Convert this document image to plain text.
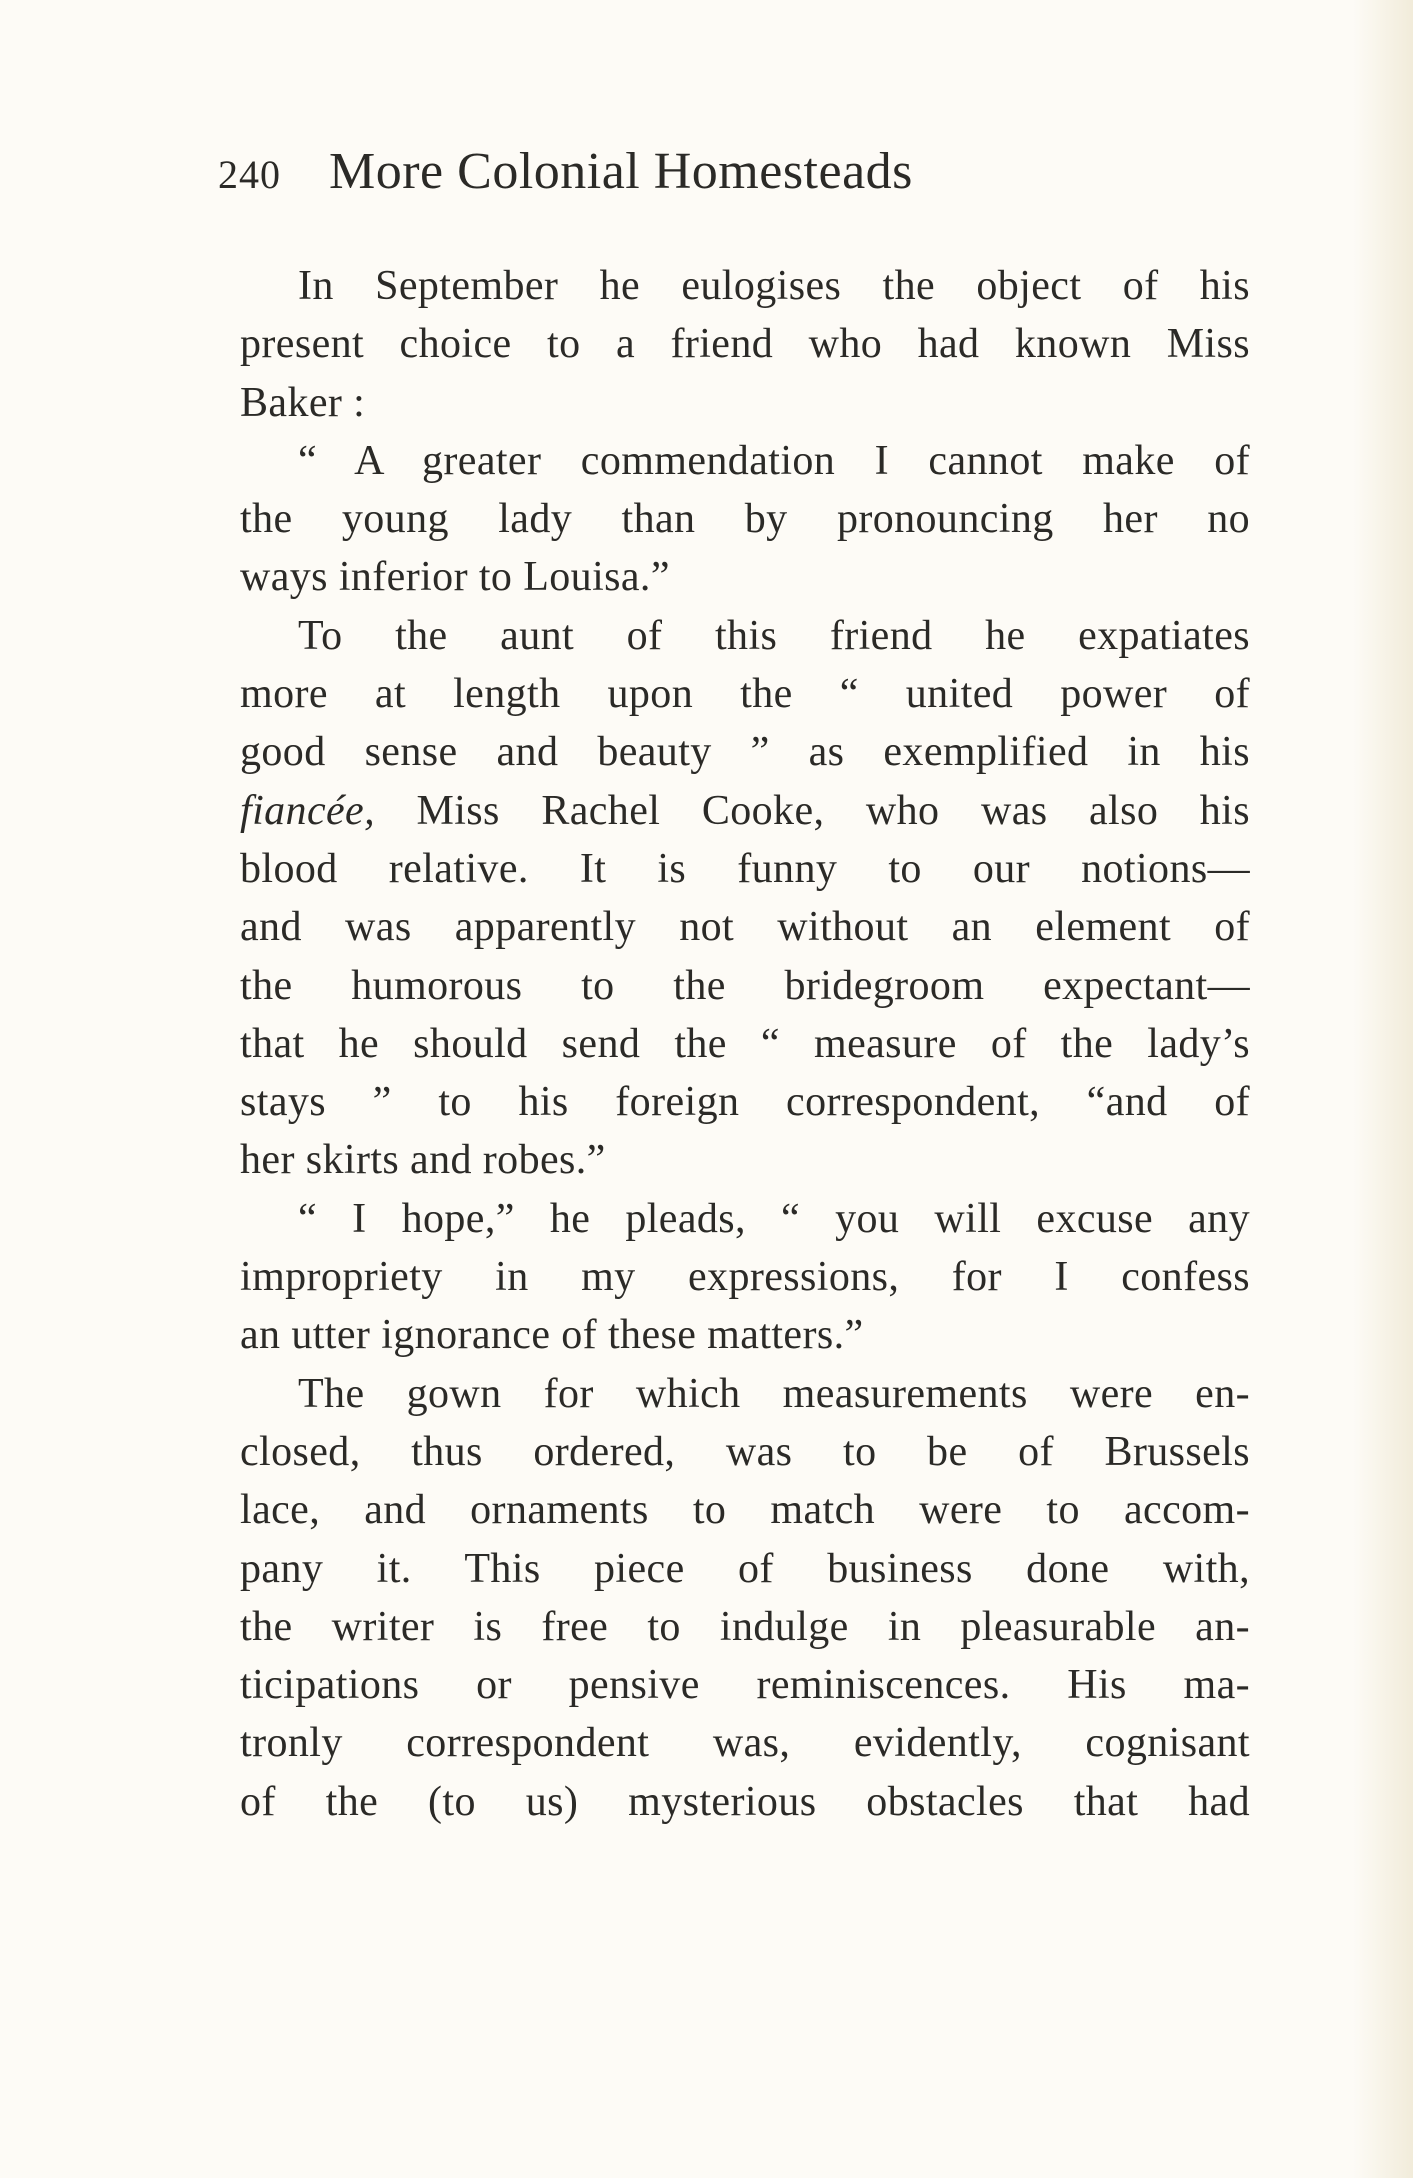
240 More Colonial Homesteads
In September he eulogises the object of his
present choice to a friend who had known Miss
Baker :
“ A greater commendation I cannot make of
the young lady than by pronouncing her no
ways inferior to Louisa.”
To the aunt of this friend he expatiates
more at length upon the “ united power of
good sense and beauty ” as exemplified in his
fiancée, Miss Rachel Cooke, who was also his
blood relative. It is funny to our notions—
and was apparently not without an element of
the humorous to the bridegroom expectant—
that he should send the “ measure of the lady’s
stays ” to his foreign correspondent, “and of
her skirts and robes.”
“ I hope,” he pleads, “ you will excuse any
impropriety in my expressions, for I confess
an utter ignorance of these matters.”
The gown for which measurements were en-
closed, thus ordered, was to be of Brussels
lace, and ornaments to match were to accom-
pany it. This piece of business done with,
the writer is free to indulge in pleasurable an-
ticipations or pensive reminiscences. His ma-
tronly correspondent was, evidently, cognisant
of the (to us) mysterious obstacles that had
